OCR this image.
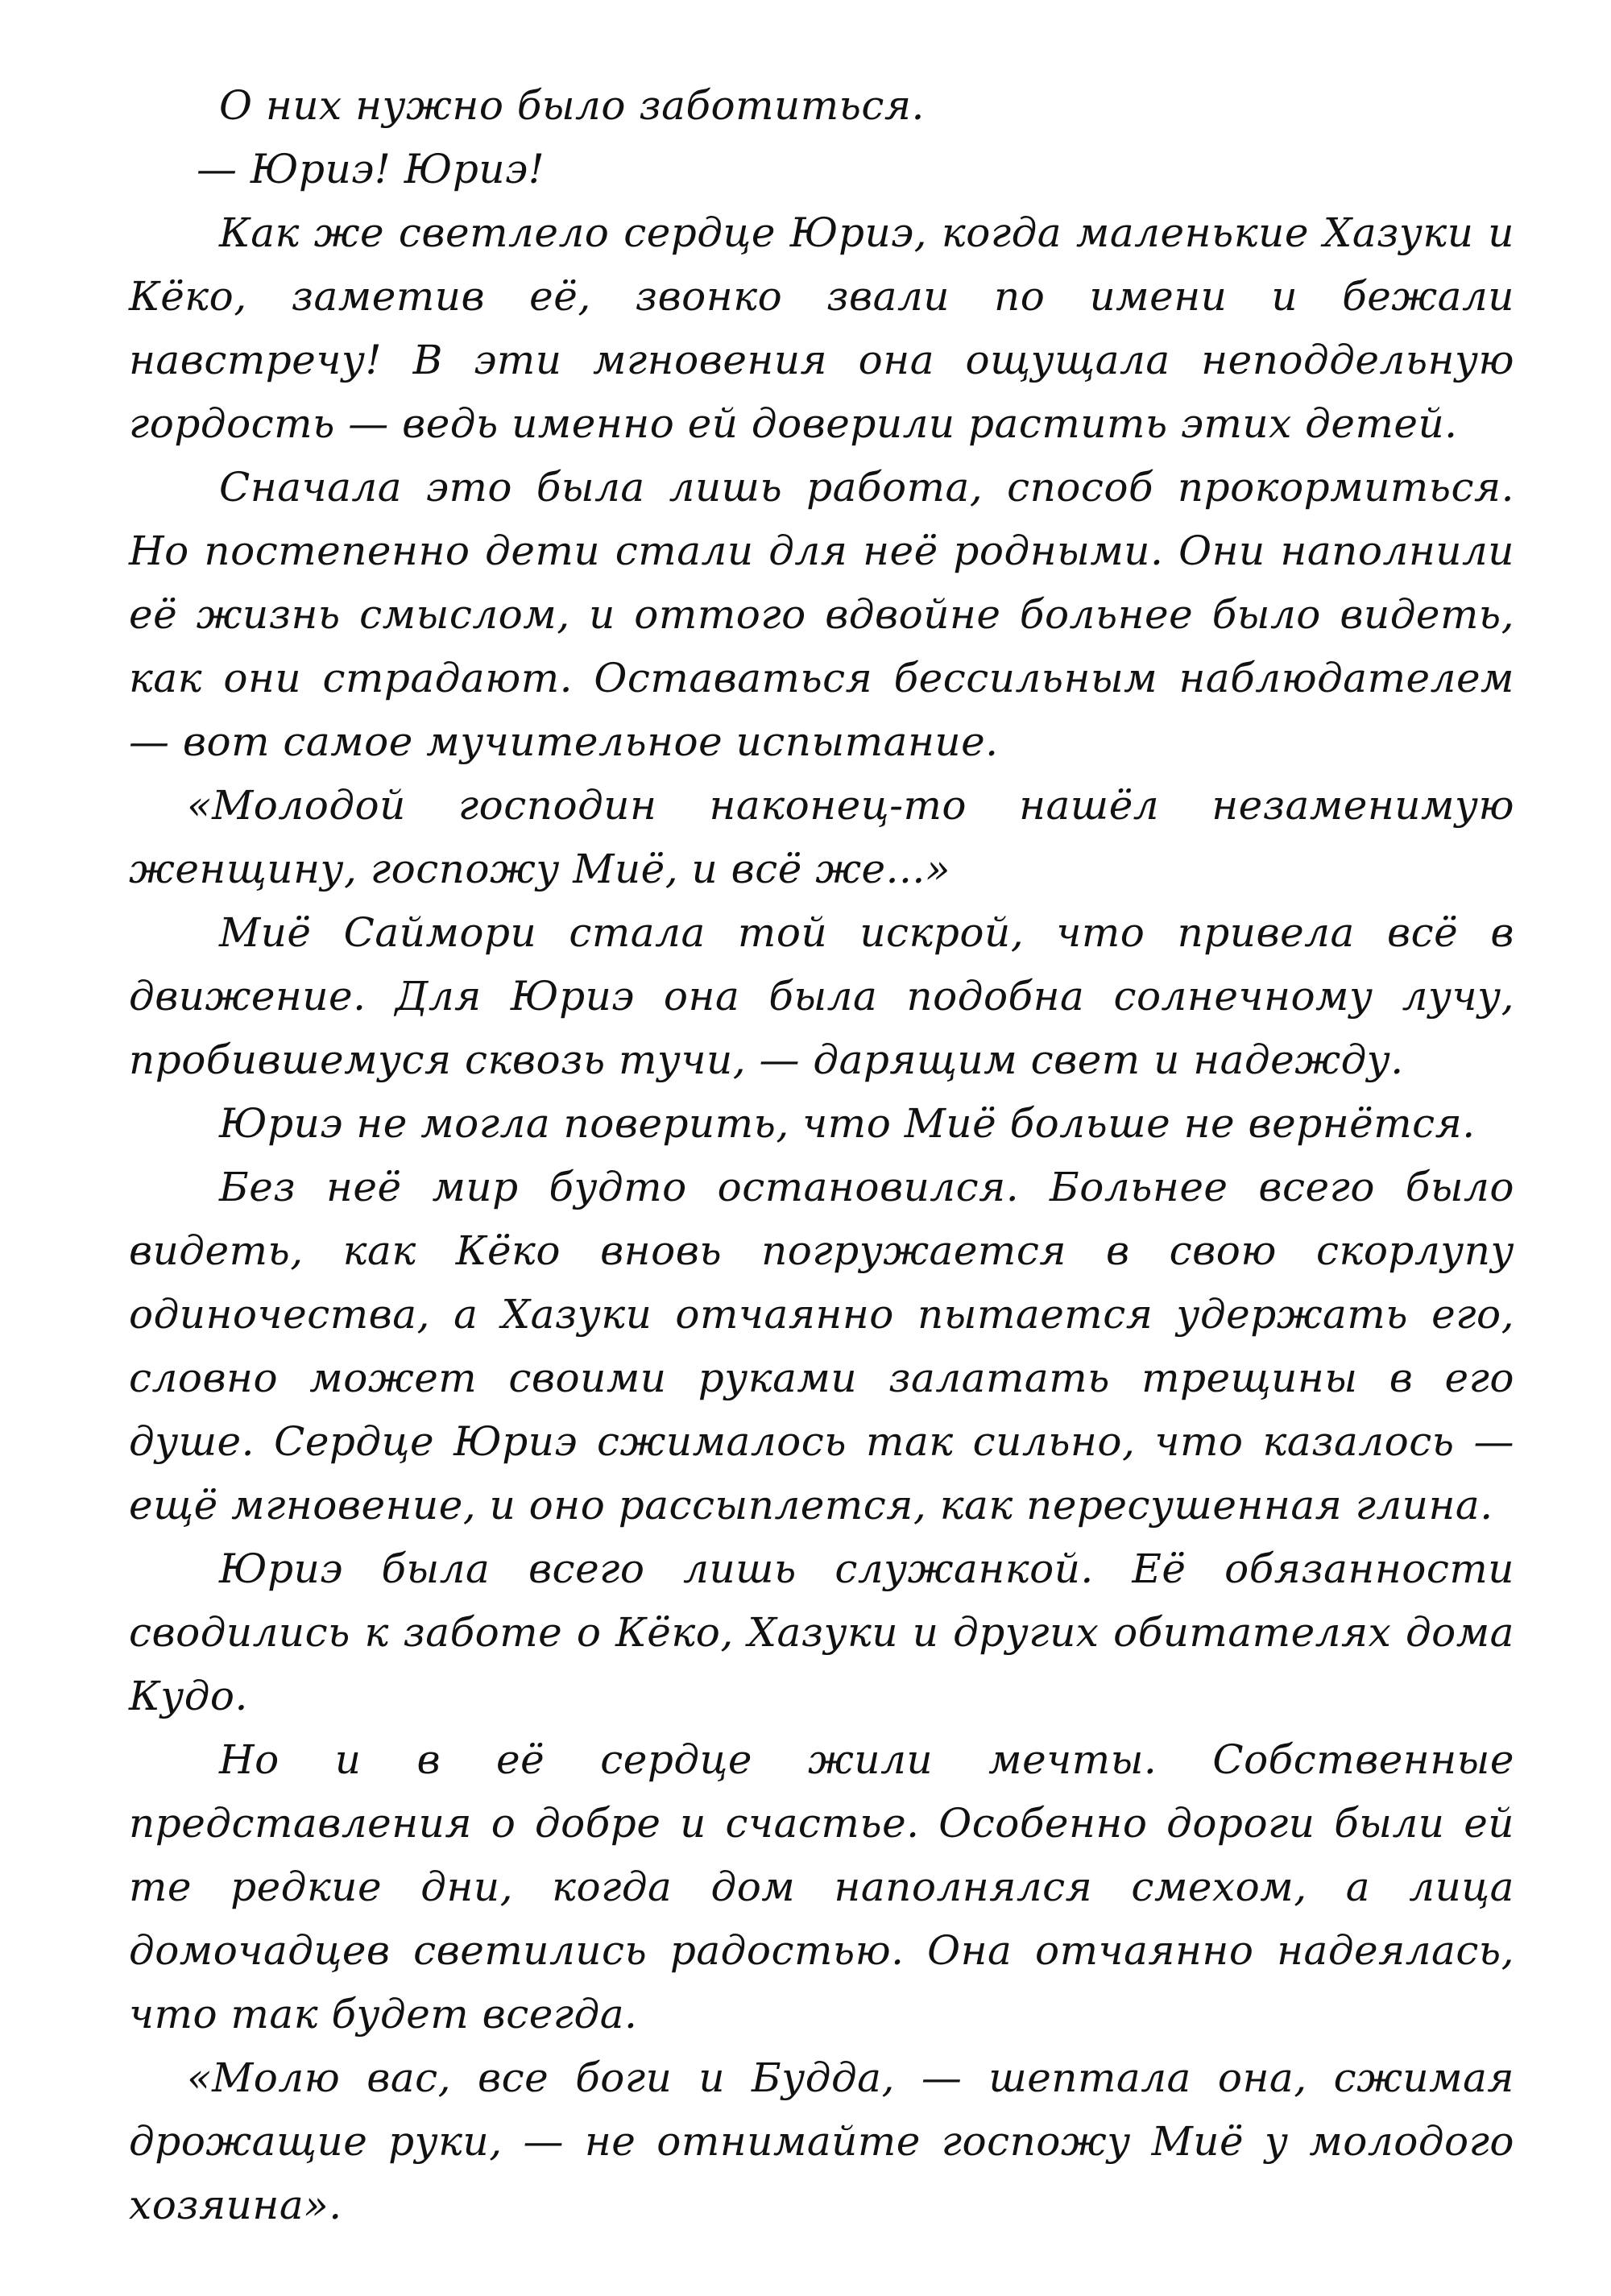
О них нужно было заботиться.

— Юриэ! Юриэ!

Как же светлело сердце Юриэ, когда маленькие Хазуки и Кёко, заметив её, звонко звали по имени и бежали навстречу! В эти мгновения она ощущала неподдельную гордость — ведь именно ей доверили растить этих детей.

Сначала это была лишь работа, способ прокормиться. Но постепенно дети стали для неё родными. Они наполнили её жизнь смыслом, и оттого вдвойне больнее было видеть, как они страдают. Оставаться бессильным наблюдателем — вот самое мучительное испытание.

«Молодой господин наконец-то нашёл незаменимую женщину, госпожу Миё, и всё же...»

Миё Саймори стала той искрой, что привела всё в движение. Для Юриэ она была подобна солнечному лучу, пробившемуся сквозь тучи, — дарящим свет и надежду.

Юриэ не могла поверить, что Миё больше не вернётся.

Без неё мир будто остановился. Больнее всего было видеть, как Кёко вновь погружается в свою скорлупу одиночества, а Хазуки отчаянно пытается удержать его, словно может своими руками залатать трещины в его душе. Сердце Юриэ сжималось так сильно, что казалось — ещё мгновение, и оно рассыплется, как пересушенная глина.

Юриэ была всего лишь служанкой. Её обязанности сводились к заботе о Кёко, Хазуки и других обитателях дома Кудо.

Но и в её сердце жили мечты. Собственные представления о добре и счастье. Особенно дороги были ей те редкие дни, когда дом наполнялся смехом, а лица домочадцев светились радостью. Она отчаянно надеялась, что так будет всегда.

«Молю вас, все боги и Будда, — шептала она, сжимая дрожащие руки, — не отнимайте госпожу Миё у молодого хозяина».
